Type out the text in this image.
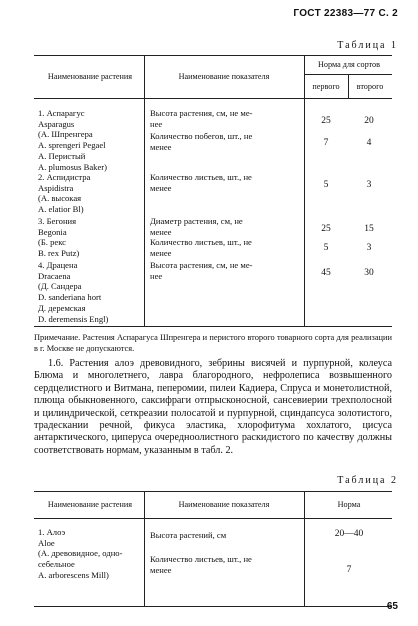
ГОСТ 22383—77 С. 2
Таблица 1
Наименование растения	Наименование показателя
Норма для сортов
первого	второго
1. Аспарагус
Asparagus
(А. Шпренгера
A. sprengeri Pegael
А. Перистый
A. plumosus Baker)
Высота растения, см, не ме-
нее	25	20
Количество побегов, шт., не
менее	7	4
2. Аспидистра
Aspidistra
(А. высокая
A. elatior Bl)
Количество листьев, шт., не
менее	5	3
3. Бегония
Begonia
(Б. рекс
B. rex Putz)
Диаметр растения, см, не
менее	25	15
Количество листьев, шт., не
менее	5	3
4. Драцена
Dracaena
(Д. Сандера
D. sanderiana hort
Д. деремская
D. deremensis Engl)
Высота растения, см, не ме-
нее	45	30
Примечание. Растения Аспарагуса Шпренгера и перистого второго товарного сорта для реализации в г. Москве не допускаются.
1.6. Растения алоэ древовидного, зебрины висячей и пурпурной, колеуса Блюма и многолетнего, лавра благородного, нефролеписа возвышенного сердцелистного и Витмана, пеперомии, пилеи Кадиера, Спруса и монетолистной, плюща обыкновенного, саксифраги отпрысконосной, сансевиерии трехполосной и цилиндрической, сеткреазии полосатой и пурпурной, сциндапсуса золотистого, традескании речной, фикуса эластика, хлорофитума хохлатого, цисуса антарктического, циперуса очередноолистного раскидистого по качеству должны соответствовать нормам, указанным в табл. 2.
Таблица 2
Наименование растения	Наименование показателя	Норма
1. Алоэ
Aloe
(А. древовидное, одно-
себельное
A. arborescens Mill)
Высота растений, см	20—40
Количество листьев, шт., не
менее	7
65
